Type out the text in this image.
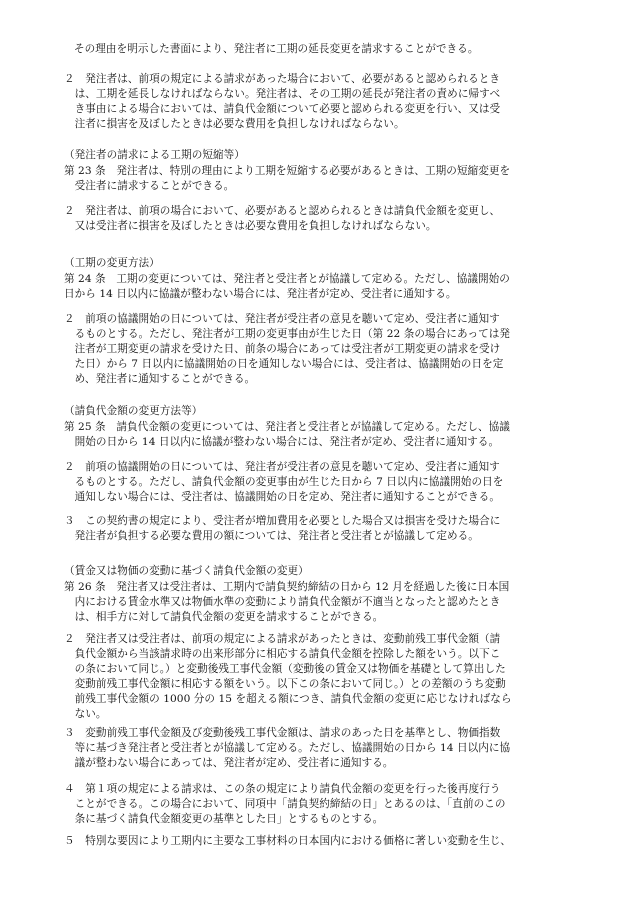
その理由を明示した書面により、発注者に工期の延長変更を請求することができる。
２　発注者は、前項の規定による請求があった場合において、必要があると認められるとき
　は、工期を延長しなければならない。発注者は、その工期の延長が発注者の責めに帰すべ
　き事由による場合においては、請負代金額について必要と認められる変更を行い、又は受
　注者に損害を及ぼしたときは必要な費用を負担しなければならない。
（発注者の請求による工期の短縮等）
第 23 条　発注者は、特別の理由により工期を短縮する必要があるときは、工期の短縮変更を
　受注者に請求することができる。
２　発注者は、前項の場合において、必要があると認められるときは請負代金額を変更し、
　又は受注者に損害を及ぼしたときは必要な費用を負担しなければならない。
（工期の変更方法）
第 24 条　工期の変更については、発注者と受注者とが協議して定める。ただし、協議開始の
日から 14 日以内に協議が整わない場合には、発注者が定め、受注者に通知する。
２　前項の協議開始の日については、発注者が受注者の意見を聴いて定め、受注者に通知す
　るものとする。ただし、発注者が工期の変更事由が生じた日（第 22 条の場合にあっては発
　注者が工期変更の請求を受けた日、前条の場合にあっては受注者が工期変更の請求を受け
　た日）から 7 日以内に協議開始の日を通知しない場合には、受注者は、協議開始の日を定
　め、発注者に通知することができる。
（請負代金額の変更方法等）
第 25 条　請負代金額の変更については、発注者と受注者とが協議して定める。ただし、協議
　開始の日から 14 日以内に協議が整わない場合には、発注者が定め、受注者に通知する。
２　前項の協議開始の日については、発注者が受注者の意見を聴いて定め、受注者に通知す
　るものとする。ただし、請負代金額の変更事由が生じた日から 7 日以内に協議開始の日を
　通知しない場合には、受注者は、協議開始の日を定め、発注者に通知することができる。
３　この契約書の規定により、受注者が増加費用を必要とした場合又は損害を受けた場合に
　発注者が負担する必要な費用の額については、発注者と受注者とが協議して定める。
（賃金又は物価の変動に基づく請負代金額の変更）
第 26 条　発注者又は受注者は、工期内で請負契約締結の日から 12 月を経過した後に日本国
　内における賃金水準又は物価水準の変動により請負代金額が不適当となったと認めたとき
　は、相手方に対して請負代金額の変更を請求することができる。
２　発注者又は受注者は、前項の規定による請求があったときは、変動前残工事代金額（請
　負代金額から当該請求時の出来形部分に相応する請負代金額を控除した額をいう。以下こ
　の条において同じ。）と変動後残工事代金額（変動後の賃金又は物価を基礎として算出した
　変動前残工事代金額に相応する額をいう。以下この条において同じ。）との差額のうち変動
　前残工事代金額の 1000 分の 15 を超える額につき、請負代金額の変更に応じなければなら
　ない。
３　変動前残工事代金額及び変動後残工事代金額は、請求のあった日を基準とし、物価指数
　等に基づき発注者と受注者とが協議して定める。ただし、協議開始の日から 14 日以内に協
　議が整わない場合にあっては、発注者が定め、受注者に通知する。
４　第１項の規定による請求は、この条の規定により請負代金額の変更を行った後再度行う
　ことができる。この場合において、同項中「請負契約締結の日」とあるのは、「直前のこの
　条に基づく請負代金額変更の基準とした日」とするものとする。
５　特別な要因により工期内に主要な工事材料の日本国内における価格に著しい変動を生じ、
